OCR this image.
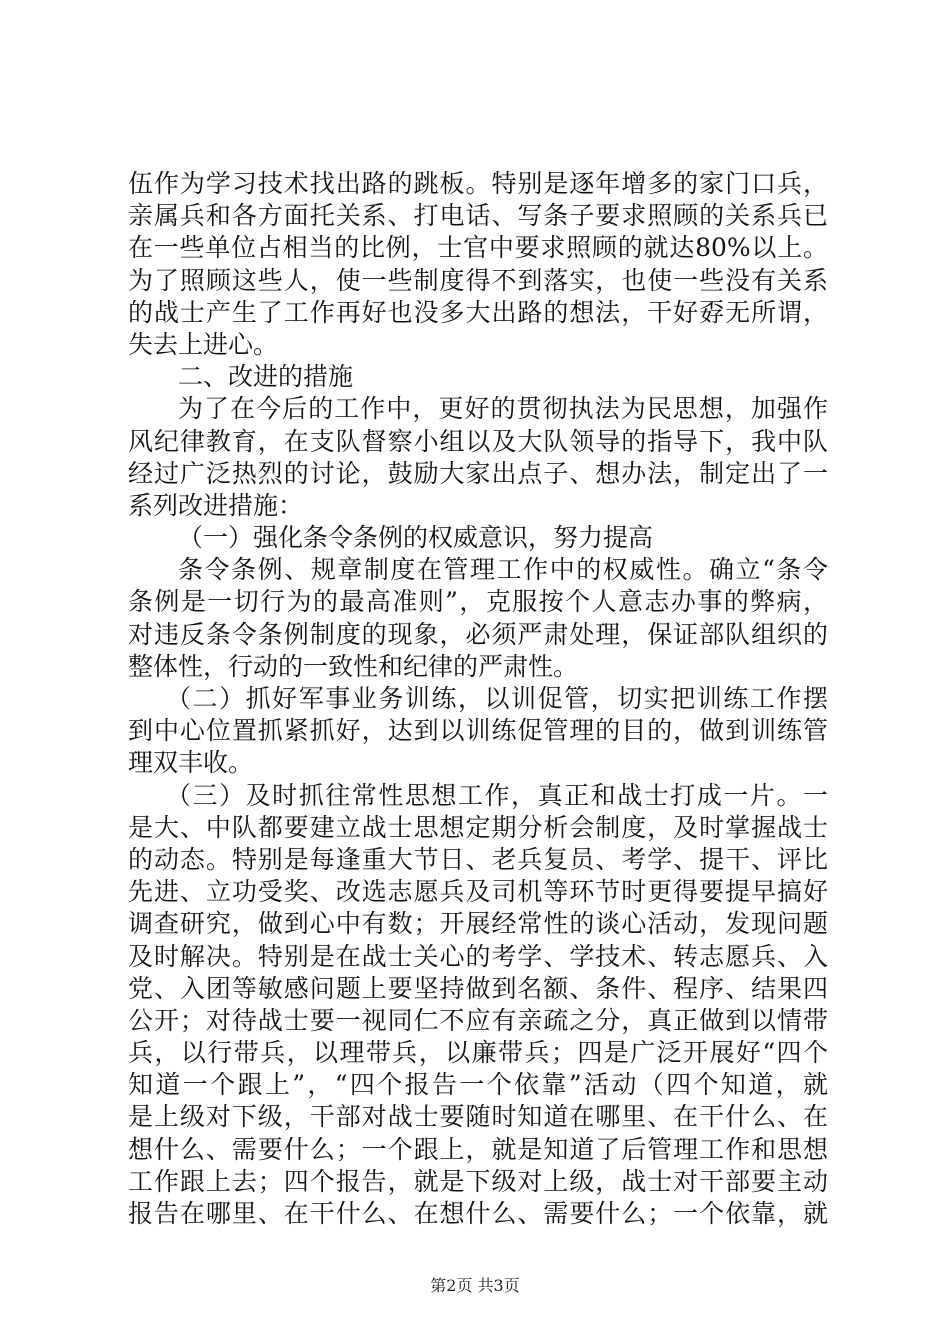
伍作为学习技术找出路的跳板。特别是逐年增多的家门口兵，
亲属兵和各方面托关系、打电话、写条子要求照顾的关系兵已
在一些单位占相当的比例，士官中要求照顾的就达80%以上。
为了照顾这些人，使一些制度得不到落实，也使一些没有关系
的战士产生了工作再好也没多大出路的想法，干好孬无所谓，
失去上进心。
二、改进的措施
为了在今后的工作中，更好的贯彻执法为民思想，加强作
风纪律教育，在支队督察小组以及大队领导的指导下，我中队
经过广泛热烈的讨论，鼓励大家出点子、想办法，制定出了一
系列改进措施：
（一）强化条令条例的权威意识，努力提高
条令条例、规章制度在管理工作中的权威性。确立“条令
条例是一切行为的最高准则”，克服按个人意志办事的弊病，
对违反条令条例制度的现象，必须严肃处理，保证部队组织的
整体性，行动的一致性和纪律的严肃性。
（二）抓好军事业务训练，以训促管，切实把训练工作摆
到中心位置抓紧抓好，达到以训练促管理的目的，做到训练管
理双丰收。
（三）及时抓往常性思想工作，真正和战士打成一片。一
是大、中队都要建立战士思想定期分析会制度，及时掌握战士
的动态。特别是每逢重大节日、老兵复员、考学、提干、评比
先进、立功受奖、改选志愿兵及司机等环节时更得要提早搞好
调查研究，做到心中有数；开展经常性的谈心活动，发现问题
及时解决。特别是在战士关心的考学、学技术、转志愿兵、入
党、入团等敏感问题上要坚持做到名额、条件、程序、结果四
公开；对待战士要一视同仁不应有亲疏之分，真正做到以情带
兵，以行带兵，以理带兵，以廉带兵；四是广泛开展好“四个
知道一个跟上”，“四个报告一个依靠”活动（四个知道，就
是上级对下级，干部对战士要随时知道在哪里、在干什么、在
想什么、需要什么；一个跟上，就是知道了后管理工作和思想
工作跟上去；四个报告，就是下级对上级，战士对干部要主动
报告在哪里、在干什么、在想什么、需要什么；一个依靠，就
第2页 共3页
